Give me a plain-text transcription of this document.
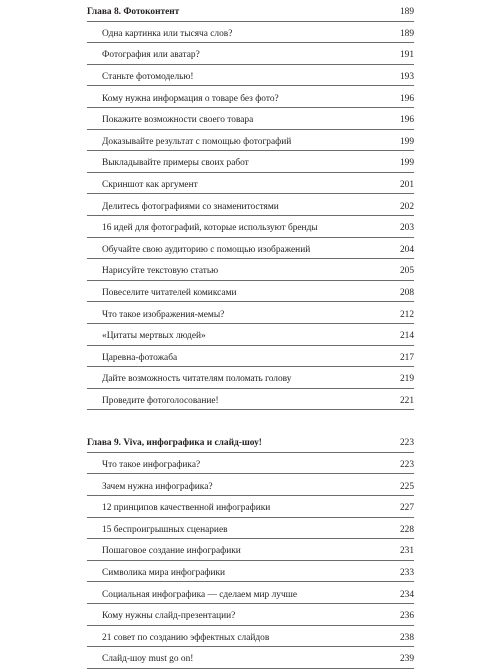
Глава 8. Фотоконтент	189
Одна картинка или тысяча слов?	189
Фотография или аватар?	191
Станьте фотомоделью!	193
Кому нужна информация о товаре без фото?	196
Покажите возможности своего товара	196
Доказывайте результат с помощью фотографий	199
Выкладывайте примеры своих работ	199
Скриншот как аргумент	201
Делитесь фотографиями со знаменитостями	202
16 идей для фотографий, которые используют бренды	203
Обучайте свою аудиторию с помощью изображений	204
Нарисуйте текстовую статью	205
Повеселите читателей комиксами	208
Что такое изображения-мемы?	212
«Цитаты мертвых людей»	214
Царевна-фотожаба	217
Дайте возможность читателям поломать голову	219
Проведите фотоголосование!	221
Глава 9. Viva, инфографика и слайд-шоу!	223
Что такое инфографика?	223
Зачем нужна инфографика?	225
12 принципов качественной инфографики	227
15 беспроигрышных сценариев	228
Пошаговое создание инфографики	231
Символика мира инфографики	233
Социальная инфографика — сделаем мир лучше	234
Кому нужны слайд-презентации?	236
21 совет по созданию эффектных слайдов	238
Слайд-шоу must go on!	239
